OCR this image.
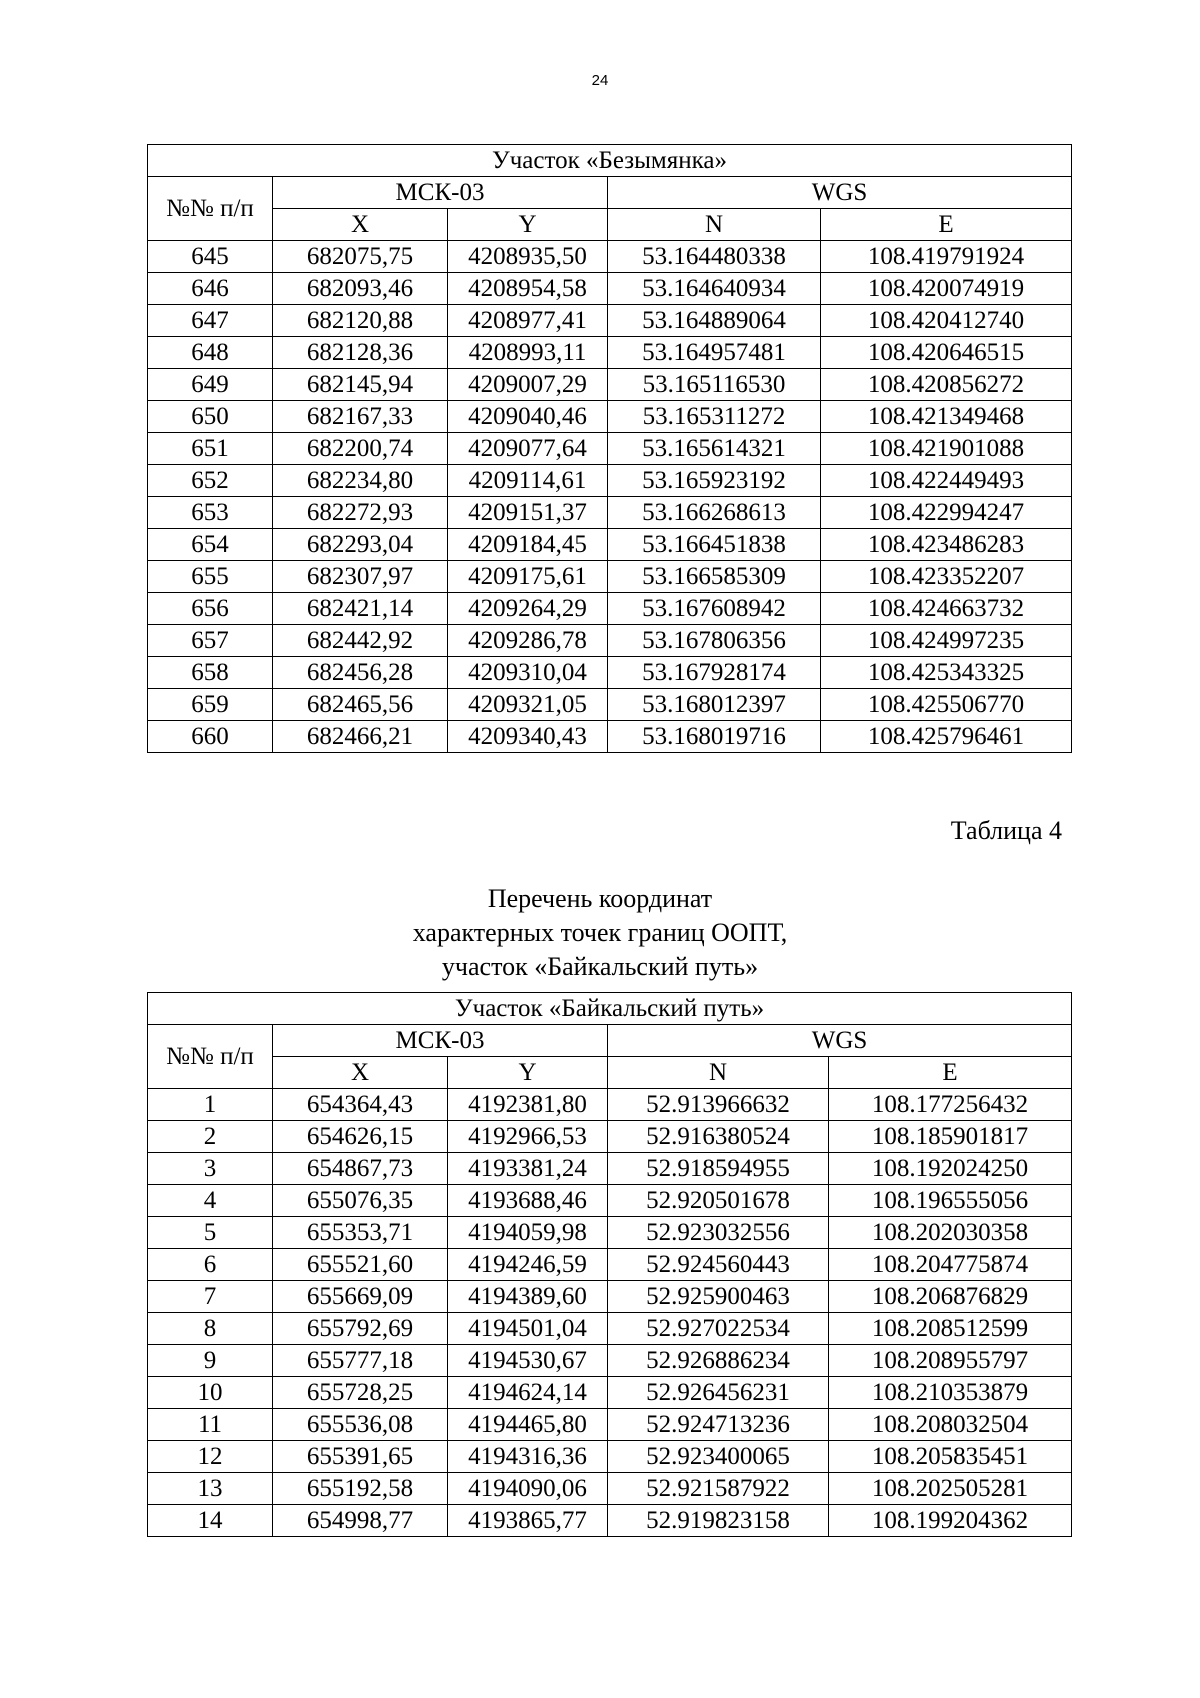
24
Участок «Безымянка»				
№№ п/п	МСК-03		WGS	
	X	Y	N	E
645	682075,75	4208935,50	53.164480338	108.419791924
646	682093,46	4208954,58	53.164640934	108.420074919
647	682120,88	4208977,41	53.164889064	108.420412740
648	682128,36	4208993,11	53.164957481	108.420646515
649	682145,94	4209007,29	53.165116530	108.420856272
650	682167,33	4209040,46	53.165311272	108.421349468
651	682200,74	4209077,64	53.165614321	108.421901088
652	682234,80	4209114,61	53.165923192	108.422449493
653	682272,93	4209151,37	53.166268613	108.422994247
654	682293,04	4209184,45	53.166451838	108.423486283
655	682307,97	4209175,61	53.166585309	108.423352207
656	682421,14	4209264,29	53.167608942	108.424663732
657	682442,92	4209286,78	53.167806356	108.424997235
658	682456,28	4209310,04	53.167928174	108.425343325
659	682465,56	4209321,05	53.168012397	108.425506770
660	682466,21	4209340,43	53.168019716	108.425796461
Таблица 4
Перечень координат
характерных точек границ ООПТ,
участок «Байкальский путь»
Участок «Байкальский путь»				
№№ п/п	МСК-03		WGS	
	X	Y	N	E
1	654364,43	4192381,80	52.913966632	108.177256432
2	654626,15	4192966,53	52.916380524	108.185901817
3	654867,73	4193381,24	52.918594955	108.192024250
4	655076,35	4193688,46	52.920501678	108.196555056
5	655353,71	4194059,98	52.923032556	108.202030358
6	655521,60	4194246,59	52.924560443	108.204775874
7	655669,09	4194389,60	52.925900463	108.206876829
8	655792,69	4194501,04	52.927022534	108.208512599
9	655777,18	4194530,67	52.926886234	108.208955797
10	655728,25	4194624,14	52.926456231	108.210353879
11	655536,08	4194465,80	52.924713236	108.208032504
12	655391,65	4194316,36	52.923400065	108.205835451
13	655192,58	4194090,06	52.921587922	108.202505281
14	654998,77	4193865,77	52.919823158	108.199204362
